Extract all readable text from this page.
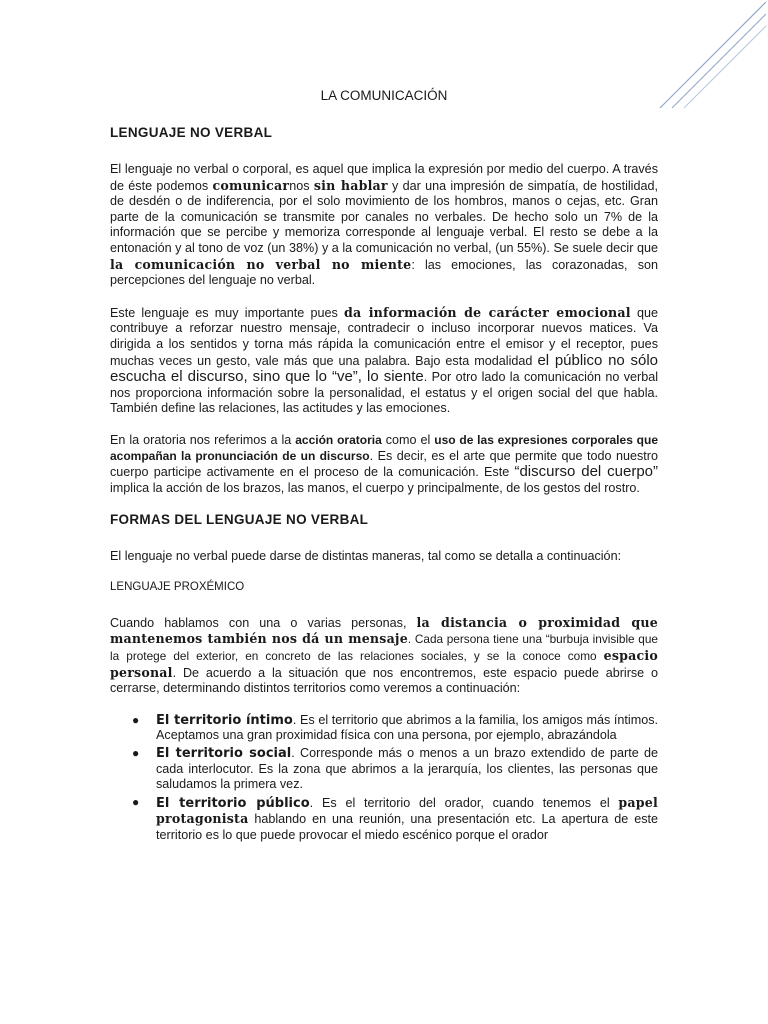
LA COMUNICACIÓN
LENGUAJE NO VERBAL

El lenguaje no verbal o corporal, es aquel que implica la expresión por medio del cuerpo. A través de éste podemos comunicarnos sin hablar y dar una impresión de simpatía, de hostilidad, de desdén o de indiferencia, por el solo movimiento de los hombros, manos o cejas, etc. Gran parte de la comunicación se transmite por canales no verbales. De hecho solo un 7% de la información que se percibe y memoriza corresponde al lenguaje verbal. El resto se debe a la entonación y al tono de voz (un 38%) y a la comunicación no verbal, (un 55%). Se suele decir que la comunicación no verbal no miente: las emociones, las corazonadas, son percepciones del lenguaje no verbal.

Este lenguaje es muy importante pues da información de carácter emocional que contribuye a reforzar nuestro mensaje, contradecir o incluso incorporar nuevos matices. Va dirigida a los sentidos y torna más rápida la comunicación entre el emisor y el receptor, pues muchas veces un gesto, vale más que una palabra. Bajo esta modalidad el público no sólo escucha el discurso, sino que lo “ve”, lo siente. Por otro lado la comunicación no verbal nos proporciona información sobre la personalidad, el estatus y el origen social del que habla. También define las relaciones, las actitudes y las emociones.

En la oratoria nos referimos a la acción oratoria como el uso de las expresiones corporales que acompañan la pronunciación de un discurso. Es decir, es el arte que permite que todo nuestro cuerpo participe activamente en el proceso de la comunicación. Este “discurso del cuerpo” implica la acción de los brazos, las manos, el cuerpo y principalmente, de los gestos del rostro.

FORMAS DEL LENGUAJE NO VERBAL

El lenguaje no verbal puede darse de distintas maneras, tal como se detalla a continuación:

LENGUAJE PROXÉMICO

Cuando hablamos con una o varias personas, la distancia o proximidad que mantenemos también nos dá un mensaje. Cada persona tiene una “burbuja invisible que la protege del exterior, en concreto de las relaciones sociales, y se la conoce como espacio personal. De acuerdo a la situación que nos encontremos, este espacio puede abrirse o cerrarse, determinando distintos territorios como veremos a continuación:

● El territorio íntimo. Es el territorio que abrimos a la familia, los amigos más íntimos. Aceptamos una gran proximidad física con una persona, por ejemplo, abrazándola
● El territorio social. Corresponde más o menos a un brazo extendido de parte de cada interlocutor. Es la zona que abrimos a la jerarquía, los clientes, las personas que saludamos la primera vez.
● El territorio público. Es el territorio del orador, cuando tenemos el papel protagonista hablando en una reunión, una presentación etc. La apertura de este territorio es lo que puede provocar el miedo escénico porque el orador
